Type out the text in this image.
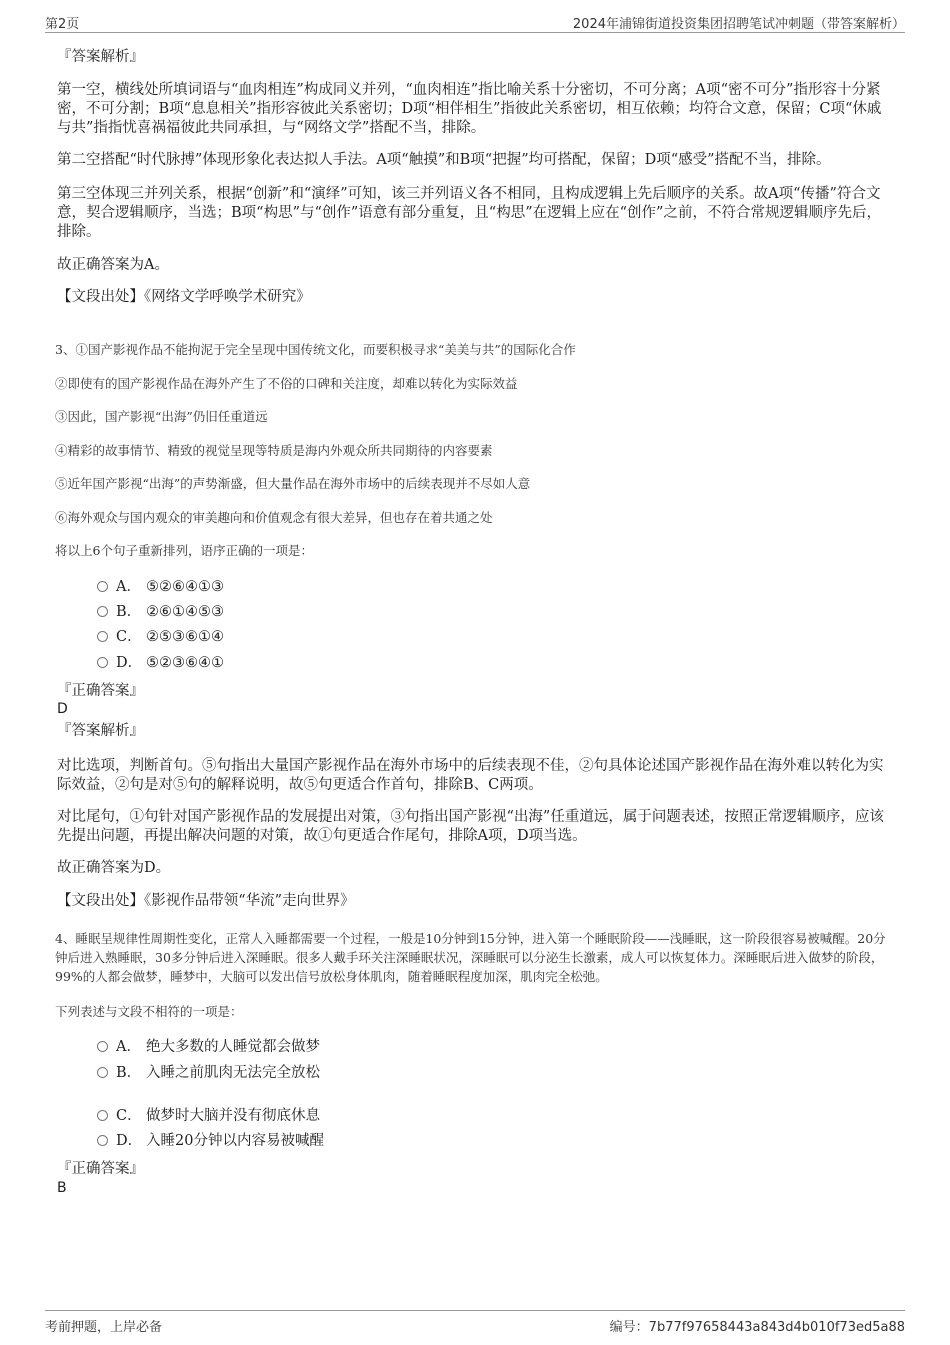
第2页	2024年浦锦街道投资集团招聘笔试冲刺题（带答案解析）
『答案解析』

第一空，横线处所填词语与“血肉相连”构成同义并列，“血肉相连”指比喻关系十分密切，不可分离；A项“密不可分”指形容十分紧密，不可分割；B项“息息相关”指形容彼此关系密切；D项“相伴相生”指彼此关系密切，相互依赖；均符合文意，保留；C项“休戚与共”指指忧喜祸福彼此共同承担，与“网络文学”搭配不当，排除。

第二空搭配“时代脉搏”体现形象化表达拟人手法。A项“触摸”和B项“把握”均可搭配，保留；D项“感受”搭配不当，排除。

第三空体现三并列关系，根据“创新”和“演绎”可知，该三并列语义各不相同，且构成逻辑上先后顺序的关系。故A项“传播”符合文意，契合逻辑顺序，当选；B项“构思”与“创作”语意有部分重复，且“构思”在逻辑上应在“创作”之前，不符合常规逻辑顺序先后，排除。

故正确答案为A。

【文段出处】《网络文学呼唤学术研究》

3、①国产影视作品不能拘泥于完全呈现中国传统文化，而要积极寻求“美美与共”的国际化合作

②即使有的国产影视作品在海外产生了不俗的口碑和关注度，却难以转化为实际效益

③因此，国产影视“出海”仍旧任重道远

④精彩的故事情节、精致的视觉呈现等特质是海内外观众所共同期待的内容要素

⑤近年国产影视“出海”的声势渐盛，但大量作品在海外市场中的后续表现并不尽如人意

⑥海外观众与国内观众的审美趣向和价值观念有很大差异，但也存在着共通之处

将以上6个句子重新排列，语序正确的一项是：

A． ⑤②⑥④①③
B． ②⑥①④⑤③
C． ②⑤③⑥①④
D． ⑤②③⑥④①
『正确答案』
D
『答案解析』

对比选项，判断首句。⑤句指出大量国产影视作品在海外市场中的后续表现不佳，②句具体论述国产影视作品在海外难以转化为实际效益，②句是对⑤句的解释说明，故⑤句更适合作首句，排除B、C两项。

对比尾句，①句针对国产影视作品的发展提出对策，③句指出国产影视“出海”任重道远，属于问题表述，按照正常逻辑顺序，应该先提出问题，再提出解决问题的对策，故①句更适合作尾句，排除A项，D项当选。

故正确答案为D。

【文段出处】《影视作品带领“华流”走向世界》

4、睡眠呈规律性周期性变化，正常人入睡都需要一个过程，一般是10分钟到15分钟，进入第一个睡眠阶段——浅睡眠，这一阶段很容易被喊醒。20分钟后进入熟睡眠，30多分钟后进入深睡眠。很多人戴手环关注深睡眠状况，深睡眠可以分泌生长激素，成人可以恢复体力。深睡眠后进入做梦的阶段，99%的人都会做梦，睡梦中，大脑可以发出信号放松身体肌肉，随着睡眠程度加深，肌肉完全松弛。

下列表述与文段不相符的一项是：

A． 绝大多数的人睡觉都会做梦
B． 入睡之前肌肉无法完全放松
C． 做梦时大脑并没有彻底休息
D． 入睡20分钟以内容易被喊醒
『正确答案』
B
考前押题，上岸必备	编号：7b77f97658443a843d4b010f73ed5a88
